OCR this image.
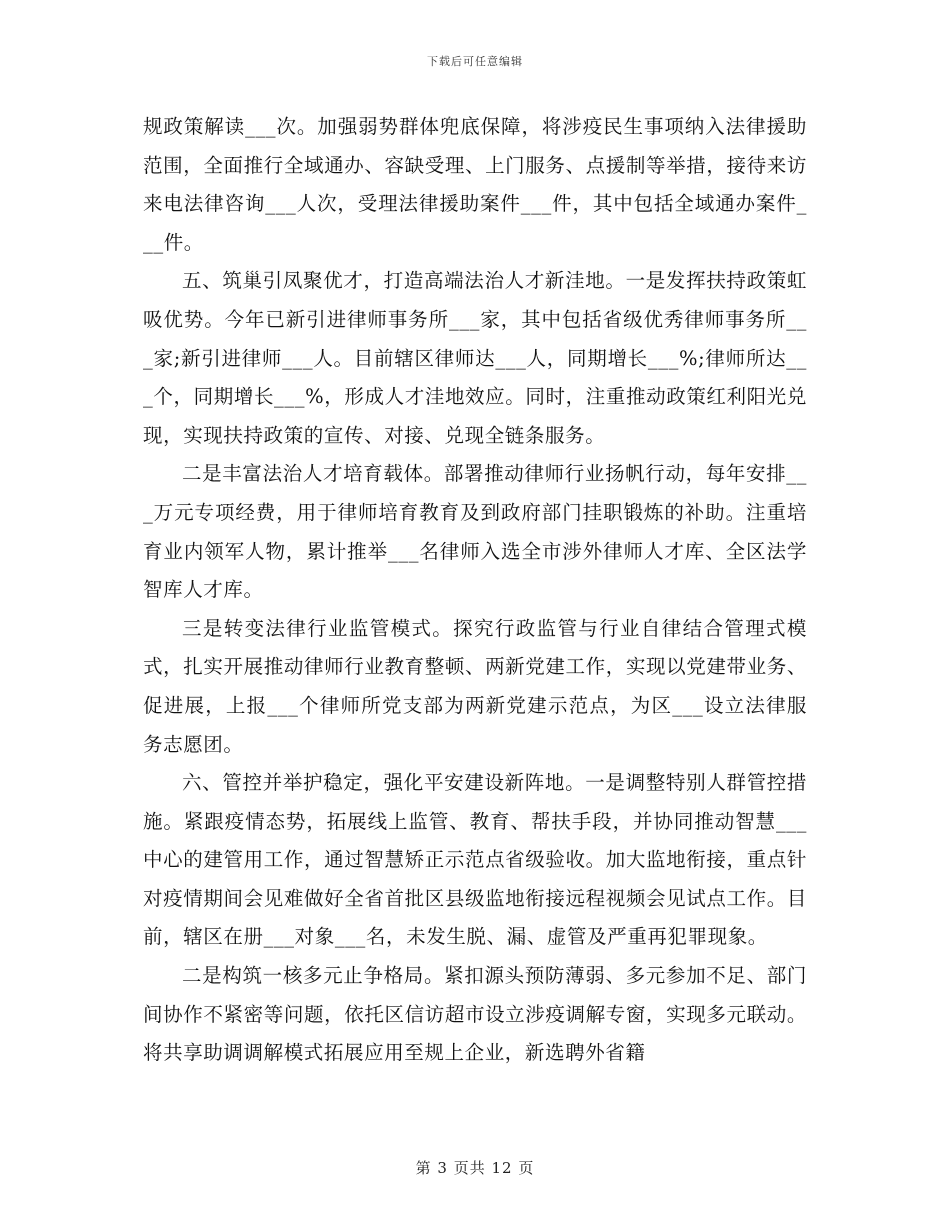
下载后可任意编辑

规政策解读___次。加强弱势群体兜底保障，将涉疫民生事项纳入法律援助范围，全面推行全域通办、容缺受理、上门服务、点援制等举措，接待来访来电法律咨询___人次，受理法律援助案件___件，其中包括全域通办案件___件。

五、筑巢引凤聚优才，打造高端法治人才新洼地。一是发挥扶持政策虹吸优势。今年已新引进律师事务所___家，其中包括省级优秀律师事务所___家;新引进律师___人。目前辖区律师达___人，同期增长___%;律师所达___个，同期增长___%，形成人才洼地效应。同时，注重推动政策红利阳光兑现，实现扶持政策的宣传、对接、兑现全链条服务。

二是丰富法治人才培育载体。部署推动律师行业扬帆行动，每年安排___万元专项经费，用于律师培育教育及到政府部门挂职锻炼的补助。注重培育业内领军人物，累计推举___名律师入选全市涉外律师人才库、全区法学智库人才库。

三是转变法律行业监管模式。探究行政监管与行业自律结合管理式模式，扎实开展推动律师行业教育整顿、两新党建工作，实现以党建带业务、促进展，上报___个律师所党支部为两新党建示范点，为区___设立法律服务志愿团。

六、管控并举护稳定，强化平安建设新阵地。一是调整特别人群管控措施。紧跟疫情态势，拓展线上监管、教育、帮扶手段，并协同推动智慧___中心的建管用工作，通过智慧矫正示范点省级验收。加大监地衔接，重点针对疫情期间会见难做好全省首批区县级监地衔接远程视频会见试点工作。目前，辖区在册___对象___名，未发生脱、漏、虚管及严重再犯罪现象。

二是构筑一核多元止争格局。紧扣源头预防薄弱、多元参加不足、部门间协作不紧密等问题，依托区信访超市设立涉疫调解专窗，实现多元联动。将共享助调调解模式拓展应用至规上企业，新选聘外省籍

第 3 页共 12 页
